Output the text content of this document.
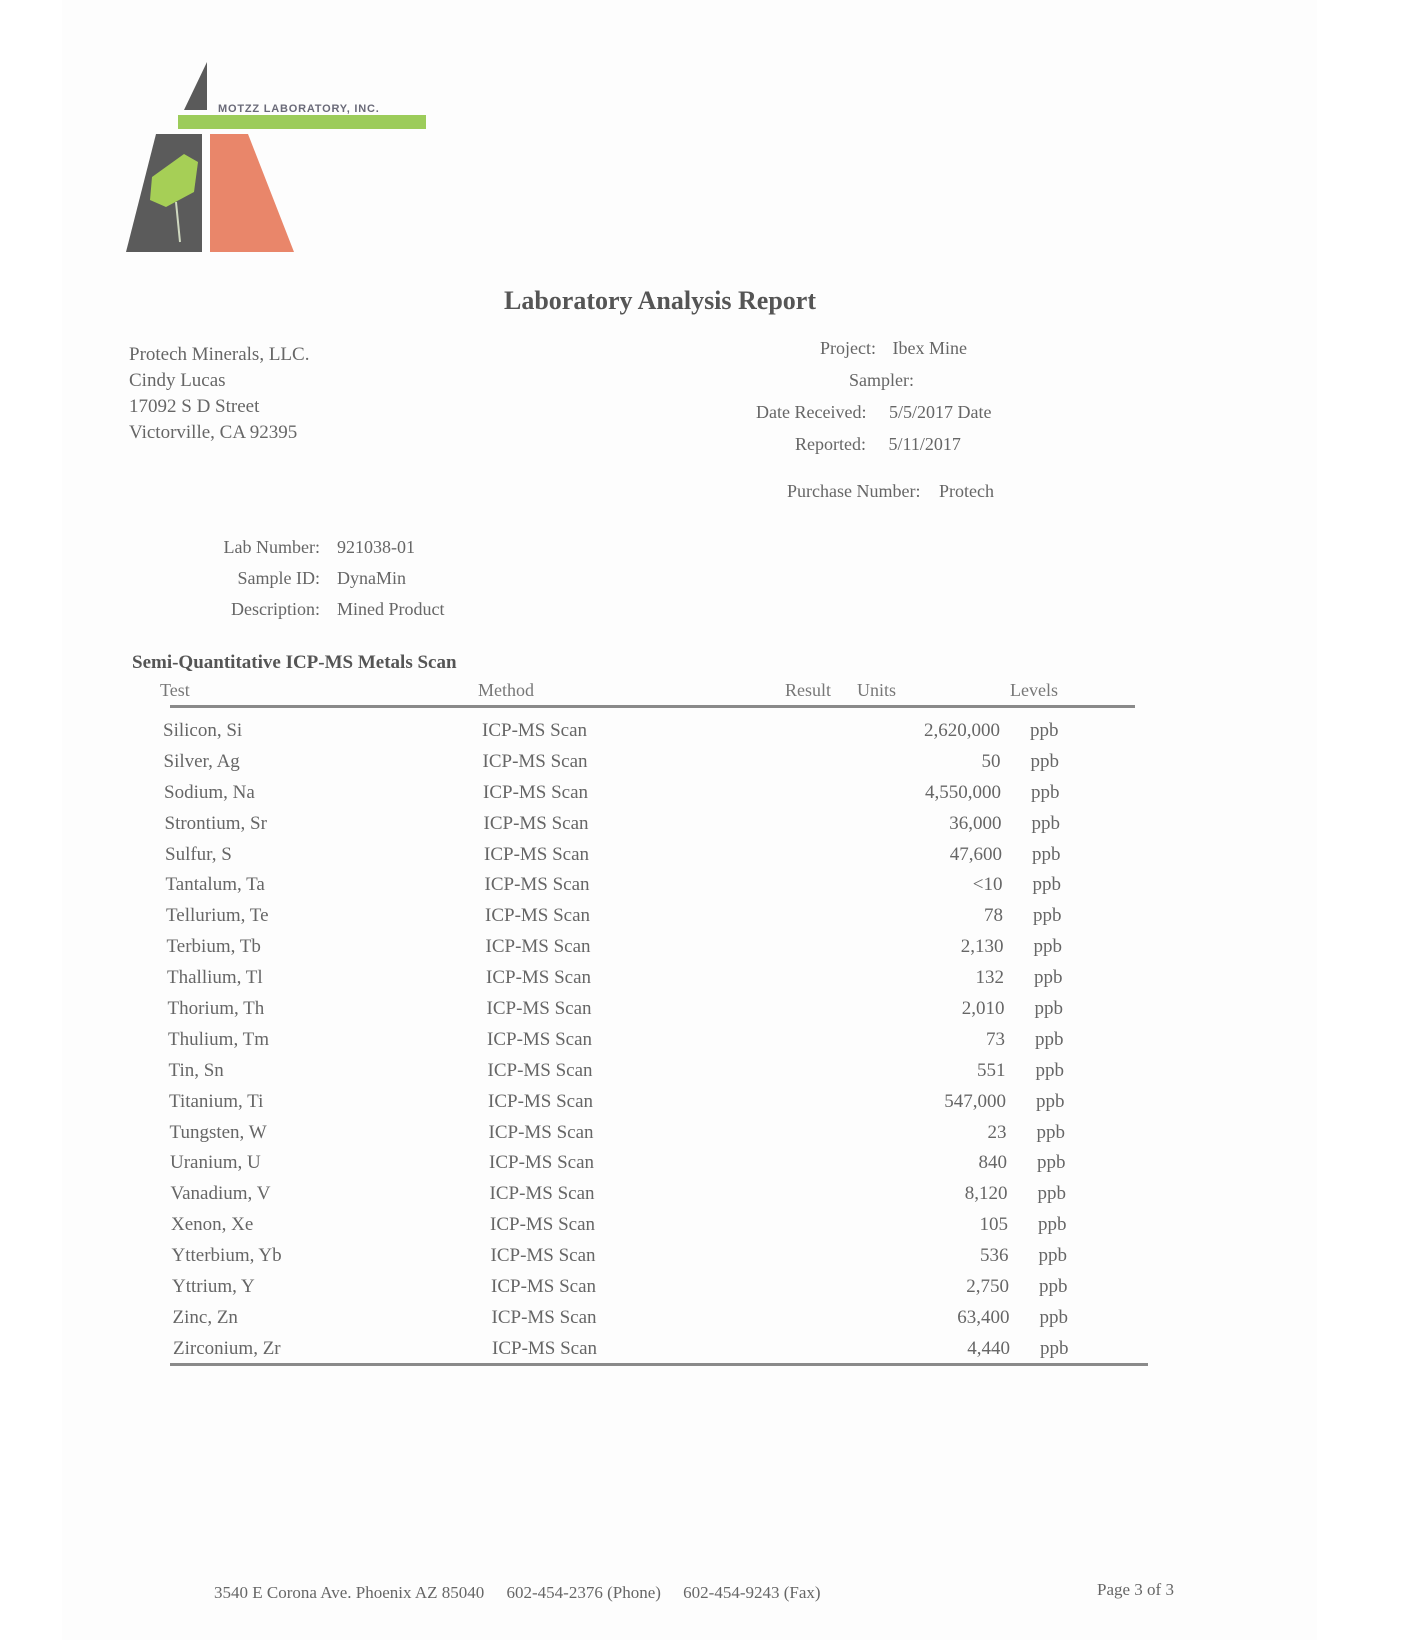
MOTZZ LABORATORY, INC.
Laboratory Analysis Report
Protech Minerals, LLC.
Cindy Lucas
17092 S D Street
Victorville, CA 92395
Project: Ibex Mine
Sampler:
Date Received: 5/5/2017 Date
Reported: 5/11/2017
Purchase Number: Protech
Lab Number: 921038-01
Sample ID: DynaMin
Description: Mined Product
Semi-Quantitative ICP-MS Metals Scan
Test	Method	Result Units	Levels
Silicon, Si	ICP-MS Scan	2,620,000 ppb
Silver, Ag	ICP-MS Scan	50 ppb
Sodium, Na	ICP-MS Scan	4,550,000 ppb
Strontium, Sr	ICP-MS Scan	36,000 ppb
Sulfur, S	ICP-MS Scan	47,600 ppb
Tantalum, Ta	ICP-MS Scan	<10 ppb
Tellurium, Te	ICP-MS Scan	78 ppb
Terbium, Tb	ICP-MS Scan	2,130 ppb
Thallium, Tl	ICP-MS Scan	132 ppb
Thorium, Th	ICP-MS Scan	2,010 ppb
Thulium, Tm	ICP-MS Scan	73 ppb
Tin, Sn	ICP-MS Scan	551 ppb
Titanium, Ti	ICP-MS Scan	547,000 ppb
Tungsten, W	ICP-MS Scan	23 ppb
Uranium, U	ICP-MS Scan	840 ppb
Vanadium, V	ICP-MS Scan	8,120 ppb
Xenon, Xe	ICP-MS Scan	105 ppb
Ytterbium, Yb	ICP-MS Scan	536 ppb
Yttrium, Y	ICP-MS Scan	2,750 ppb
Zinc, Zn	ICP-MS Scan	63,400 ppb
Zirconium, Zr	ICP-MS Scan	4,440 ppb
3540 E Corona Ave. Phoenix AZ 85040 602-454-2376 (Phone) 602-454-9243 (Fax)	Page 3 of 3
